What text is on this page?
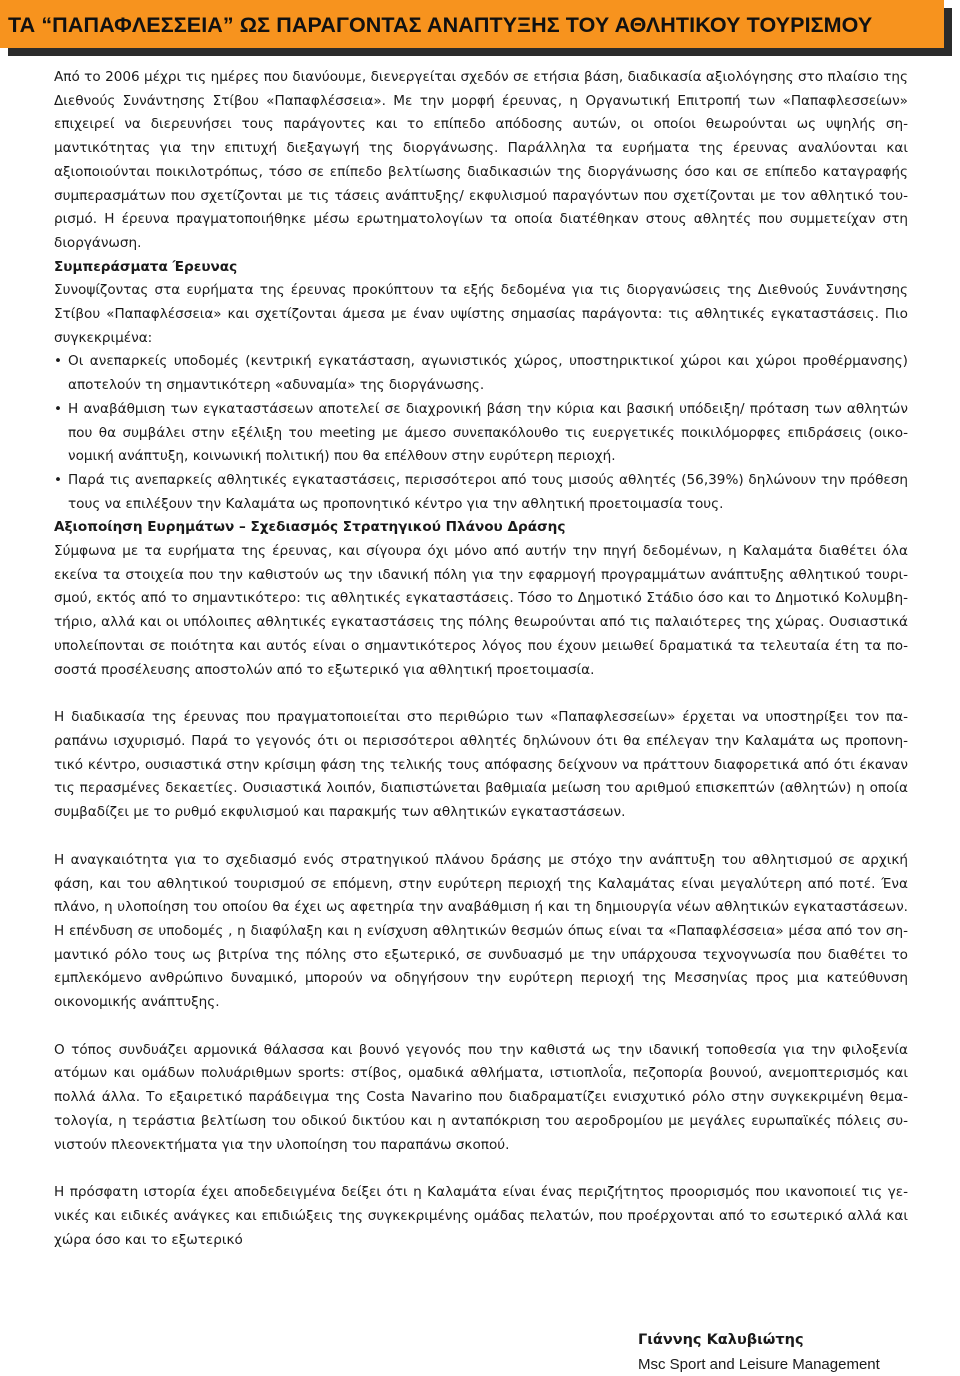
ΤΑ “ΠΑΠΑΦΛΕΣΣΕΙΑ” ΩΣ ΠΑΡΑΓΟΝΤΑΣ ΑΝΑΠΤΥΞΗΣ ΤΟΥ ΑΘΛΗΤΙΚΟΥ ΤΟΥΡΙΣΜΟΥ

Από το 2006 μέχρι τις ημέρες που διανύουμε, διενεργείται σχεδόν σε ετήσια βάση, διαδικασία αξιολόγησης στο πλαίσιο της Διεθνούς Συνάντησης Στίβου «Παπαφλέσσεια». Με την μορφή έρευνας, η Οργανωτική Επιτροπή των «Παπαφλεσσείων» επιχειρεί να διερευνήσει τους παράγοντες και το επίπεδο απόδοσης αυτών, οι οποίοι θεωρούνται ως υψηλής σημαντικότητας για την επιτυχή διεξαγωγή της διοργάνωσης. Παράλληλα τα ευρήματα της έρευνας αναλύονται και αξιοποιούνται ποικιλοτρόπως, τόσο σε επίπεδο βελτίωσης διαδικασιών της διοργάνωσης όσο και σε επίπεδο καταγραφής συμπερασμάτων που σχετίζονται με τις τάσεις ανάπτυξης/ εκφυλισμού παραγόντων που σχετίζονται με τον αθλητικό τουρισμό. Η έρευνα πραγματοποιήθηκε μέσω ερωτηματολογίων τα οποία διατέθηκαν στους αθλητές που συμμετείχαν στη διοργάνωση.

Συμπεράσματα Έρευνας

Συνοψίζοντας στα ευρήματα της έρευνας προκύπτουν τα εξής δεδομένα για τις διοργανώσεις της Διεθνούς Συνάντησης Στίβου «Παπαφλέσσεια» και σχετίζονται άμεσα με έναν υψίστης σημασίας παράγοντα: τις αθλητικές εγκαταστάσεις. Πιο συγκεκριμένα:

• Οι ανεπαρκείς υποδομές (κεντρική εγκατάσταση, αγωνιστικός χώρος, υποστηρικτικοί χώροι και χώροι προθέρμανσης) αποτελούν τη σημαντικότερη «αδυναμία» της διοργάνωσης.
• Η αναβάθμιση των εγκαταστάσεων αποτελεί σε διαχρονική βάση την κύρια και βασική υπόδειξη/ πρόταση των αθλητών που θα συμβάλει στην εξέλιξη του meeting με άμεσο συνεπακόλουθο τις ευεργετικές ποικιλόμορφες επιδράσεις (οικονομική ανάπτυξη, κοινωνική πολιτική) που θα επέλθουν στην ευρύτερη περιοχή.
• Παρά τις ανεπαρκείς αθλητικές εγκαταστάσεις, περισσότεροι από τους μισούς αθλητές (56,39%) δηλώνουν την πρόθεση τους να επιλέξουν την Καλαμάτα ως προπονητικό κέντρο για την αθλητική προετοιμασία τους.
Αξιοποίηση Ευρημάτων – Σχεδιασμός Στρατηγικού Πλάνου Δράσης

Σύμφωνα με τα ευρήματα της έρευνας, και σίγουρα όχι μόνο από αυτήν την πηγή δεδομένων, η Καλαμάτα διαθέτει όλα εκείνα τα στοιχεία που την καθιστούν ως την ιδανική πόλη για την εφαρμογή προγραμμάτων ανάπτυξης αθλητικού τουρισμού, εκτός από το σημαντικότερο: τις αθλητικές εγκαταστάσεις. Τόσο το Δημοτικό Στάδιο όσο και το Δημοτικό Κολυμβητήριο, αλλά και οι υπόλοιπες αθλητικές εγκαταστάσεις της πόλης θεωρούνται από τις παλαιότερες της χώρας. Ουσιαστικά υπολείπονται σε ποιότητα και αυτός είναι ο σημαντικότερος λόγος που έχουν μειωθεί δραματικά τα τελευταία έτη τα ποσοστά προσέλευσης αποστολών από το εξωτερικό για αθλητική προετοιμασία.

Η διαδικασία της έρευνας που πραγματοποιείται στο περιθώριο των «Παπαφλεσσείων» έρχεται να υποστηρίξει τον παραπάνω ισχυρισμό. Παρά το γεγονός ότι οι περισσότεροι αθλητές δηλώνουν ότι θα επέλεγαν την Καλαμάτα ως προπονητικό κέντρο, ουσιαστικά στην κρίσιμη φάση της τελικής τους απόφασης δείχνουν να πράττουν διαφορετικά από ότι έκαναν τις περασμένες δεκαετίες. Ουσιαστικά λοιπόν, διαπιστώνεται βαθμιαία μείωση του αριθμού επισκεπτών (αθλητών) η οποία συμβαδίζει με το ρυθμό εκφυλισμού και παρακμής των αθλητικών εγκαταστάσεων.

Η αναγκαιότητα για το σχεδιασμό ενός στρατηγικού πλάνου δράσης με στόχο την ανάπτυξη του αθλητισμού σε αρχική φάση, και του αθλητικού τουρισμού σε επόμενη, στην ευρύτερη περιοχή της Καλαμάτας είναι μεγαλύτερη από ποτέ. Ένα πλάνο, η υλοποίηση του οποίου θα έχει ως αφετηρία την αναβάθμιση ή και τη δημιουργία νέων αθλητικών εγκαταστάσεων. Η επένδυση σε υποδομές , η διαφύλαξη και η ενίσχυση αθλητικών θεσμών όπως είναι τα «Παπαφλέσσεια» μέσα από τον σημαντικό ρόλο τους ως βιτρίνα της πόλης στο εξωτερικό, σε συνδυασμό με την υπάρχουσα τεχνογνωσία που διαθέτει το εμπλεκόμενο ανθρώπινο δυναμικό, μπορούν να οδηγήσουν την ευρύτερη περιοχή της Μεσσηνίας προς μια κατεύθυνση οικονομικής ανάπτυξης.

Ο τόπος συνδυάζει αρμονικά θάλασσα και βουνό γεγονός που την καθιστά ως την ιδανική τοποθεσία για την φιλοξενία ατόμων και ομάδων πολυάριθμων sports: στίβος, ομαδικά αθλήματα, ιστιοπλοΐα, πεζοπορία βουνού, ανεμοπτερισμός και πολλά άλλα. Το εξαιρετικό παράδειγμα της Costa Navarino που διαδραματίζει ενισχυτικό ρόλο στην συγκεκριμένη θεματολογία, η τεράστια βελτίωση του οδικού δικτύου και η ανταπόκριση του αεροδρομίου με μεγάλες ευρωπαϊκές πόλεις συνιστούν πλεονεκτήματα για την υλοποίηση του παραπάνω σκοπού.

Η πρόσφατη ιστορία έχει αποδεδειγμένα δείξει ότι η Καλαμάτα είναι ένας περιζήτητος προορισμός που ικανοποιεί τις γενικές και ειδικές ανάγκες και επιδιώξεις της συγκεκριμένης ομάδας πελατών, που προέρχονται από το εσωτερικό αλλά και χώρα όσο και το εξωτερικό

Γιάννης Καλυβιώτης
Msc Sport and Leisure Management
